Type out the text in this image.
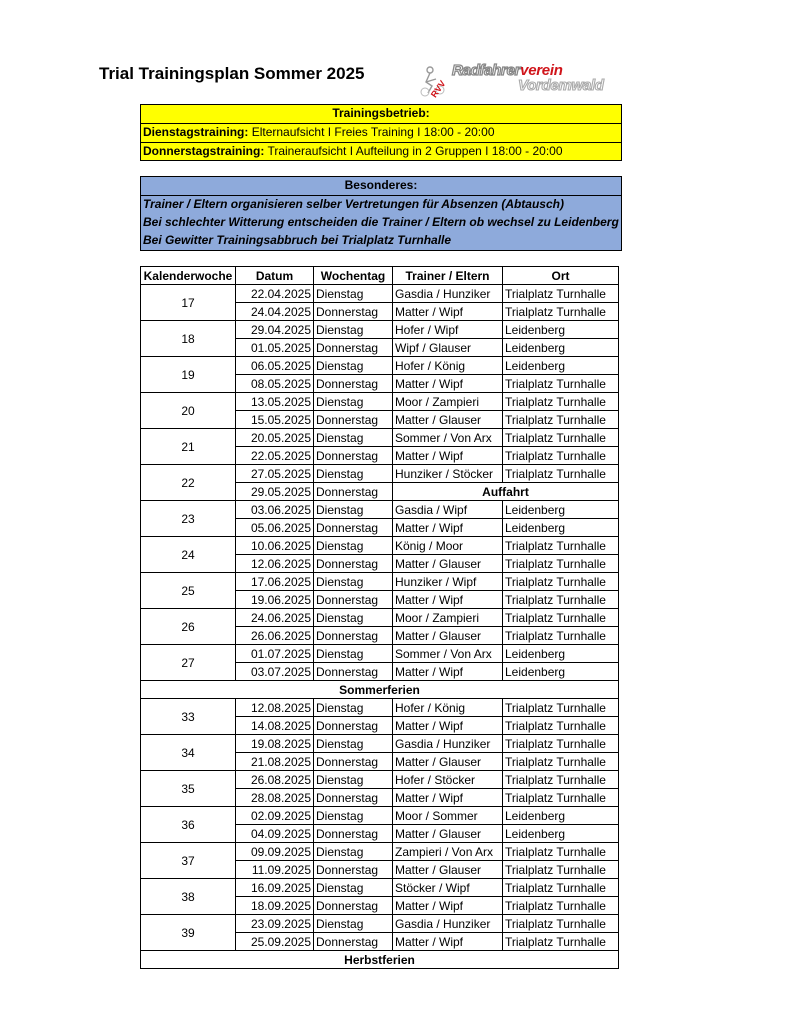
Trial Trainingsplan Sommer 2025
RVV
Radfahrerverein
Vordemwald
Trainingsbetrieb:
Dienstagstraining: Elternaufsicht I Freies Training I 18:00 - 20:00
Donnerstagstraining: Traineraufsicht I Aufteilung in 2 Gruppen I 18:00 - 20:00
Besonderes:
Trainer / Eltern organisieren selber Vertretungen für Absenzen (Abtausch)
Bei schlechter Witterung entscheiden die Trainer / Eltern ob wechsel zu Leidenberg
Bei Gewitter Trainingsabbruch bei Trialplatz Turnhalle
Kalenderwoche	Datum	Wochentag	Trainer / Eltern	Ort
17	22.04.2025	Dienstag	Gasdia / Hunziker	Trialplatz Turnhalle
	24.04.2025	Donnerstag	Matter / Wipf	Trialplatz Turnhalle
18	29.04.2025	Dienstag	Hofer / Wipf	Leidenberg
	01.05.2025	Donnerstag	Wipf / Glauser	Leidenberg
19	06.05.2025	Dienstag	Hofer / König	Leidenberg
	08.05.2025	Donnerstag	Matter / Wipf	Trialplatz Turnhalle
20	13.05.2025	Dienstag	Moor / Zampieri	Trialplatz Turnhalle
	15.05.2025	Donnerstag	Matter / Glauser	Trialplatz Turnhalle
21	20.05.2025	Dienstag	Sommer / Von Arx	Trialplatz Turnhalle
	22.05.2025	Donnerstag	Matter / Wipf	Trialplatz Turnhalle
22	27.05.2025	Dienstag	Hunziker / Stöcker	Trialplatz Turnhalle
	29.05.2025	Donnerstag	Auffahrt	
23	03.06.2025	Dienstag	Gasdia / Wipf	Leidenberg
	05.06.2025	Donnerstag	Matter / Wipf	Leidenberg
24	10.06.2025	Dienstag	König / Moor	Trialplatz Turnhalle
	12.06.2025	Donnerstag	Matter / Glauser	Trialplatz Turnhalle
25	17.06.2025	Dienstag	Hunziker / Wipf	Trialplatz Turnhalle
	19.06.2025	Donnerstag	Matter / Wipf	Trialplatz Turnhalle
26	24.06.2025	Dienstag	Moor / Zampieri	Trialplatz Turnhalle
	26.06.2025	Donnerstag	Matter / Glauser	Trialplatz Turnhalle
27	01.07.2025	Dienstag	Sommer / Von Arx	Leidenberg
	03.07.2025	Donnerstag	Matter / Wipf	Leidenberg
Sommerferien				
33	12.08.2025	Dienstag	Hofer / König	Trialplatz Turnhalle
	14.08.2025	Donnerstag	Matter / Wipf	Trialplatz Turnhalle
34	19.08.2025	Dienstag	Gasdia / Hunziker	Trialplatz Turnhalle
	21.08.2025	Donnerstag	Matter / Glauser	Trialplatz Turnhalle
35	26.08.2025	Dienstag	Hofer / Stöcker	Trialplatz Turnhalle
	28.08.2025	Donnerstag	Matter / Wipf	Trialplatz Turnhalle
36	02.09.2025	Dienstag	Moor / Sommer	Leidenberg
	04.09.2025	Donnerstag	Matter / Glauser	Leidenberg
37	09.09.2025	Dienstag	Zampieri / Von Arx	Trialplatz Turnhalle
	11.09.2025	Donnerstag	Matter / Glauser	Trialplatz Turnhalle
38	16.09.2025	Dienstag	Stöcker / Wipf	Trialplatz Turnhalle
	18.09.2025	Donnerstag	Matter / Wipf	Trialplatz Turnhalle
39	23.09.2025	Dienstag	Gasdia / Hunziker	Trialplatz Turnhalle
	25.09.2025	Donnerstag	Matter / Wipf	Trialplatz Turnhalle
Herbstferien				
